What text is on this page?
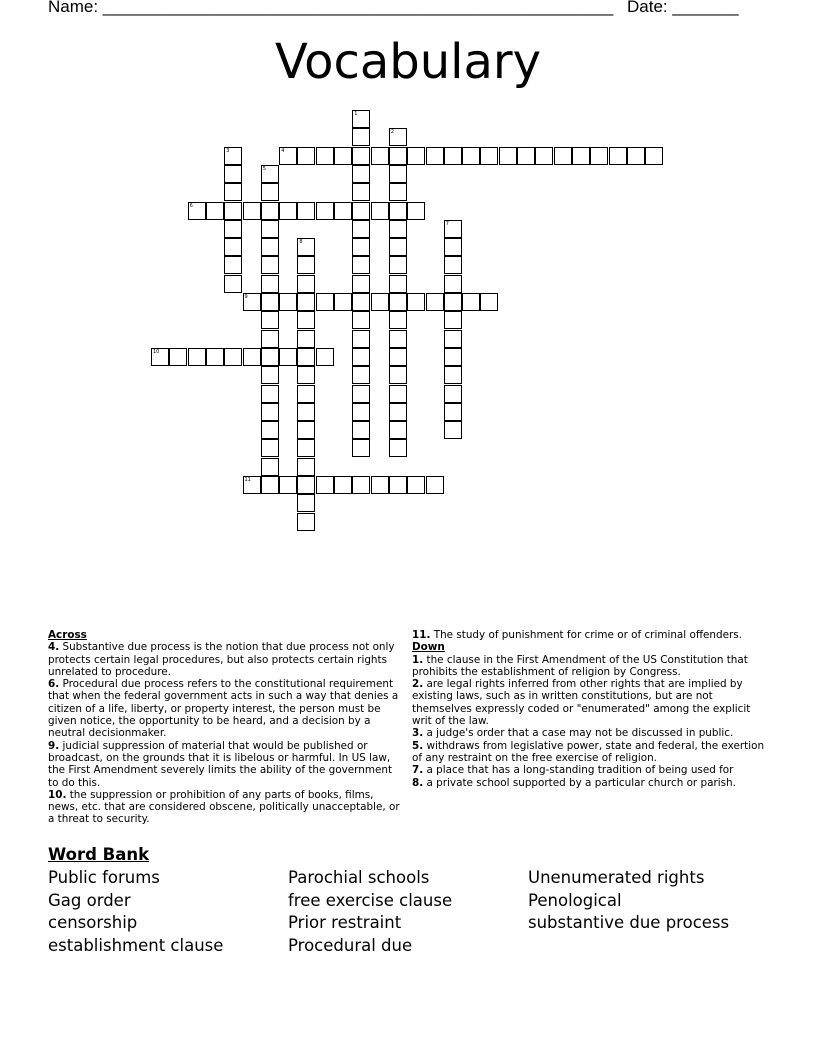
Name: ______________________________________________________ Date: _______
Vocabulary
1
2
3	4
5
6
7
8
9
10
11
Across
4. Substantive due process is the notion that due process not only protects certain legal procedures, but also protects certain rights unrelated to procedure.
6. Procedural due process refers to the constitutional requirement that when the federal government acts in such a way that denies a citizen of a life, liberty, or property interest, the person must be given notice, the opportunity to be heard, and a decision by a neutral decisionmaker.
9. judicial suppression of material that would be published or broadcast, on the grounds that it is libelous or harmful. In US law, the First Amendment severely limits the ability of the government to do this.
10. the suppression or prohibition of any parts of books, films, news, etc. that are considered obscene, politically unacceptable, or a threat to security.
11. The study of punishment for crime or of criminal offenders.
Down
1. the clause in the First Amendment of the US Constitution that prohibits the establishment of religion by Congress.
2. are legal rights inferred from other rights that are implied by existing laws, such as in written constitutions, but are not themselves expressly coded or "enumerated" among the explicit writ of the law.
3. a judge's order that a case may not be discussed in public.
5. withdraws from legislative power, state and federal, the exertion of any restraint on the free exercise of religion.
7. a place that has a long-standing tradition of being used for
8. a private school supported by a particular church or parish.
Word Bank
Public forums
Gag order
censorship
establishment clause
Parochial schools
free exercise clause
Prior restraint
Procedural due
Unenumerated rights
Penological
substantive due process
